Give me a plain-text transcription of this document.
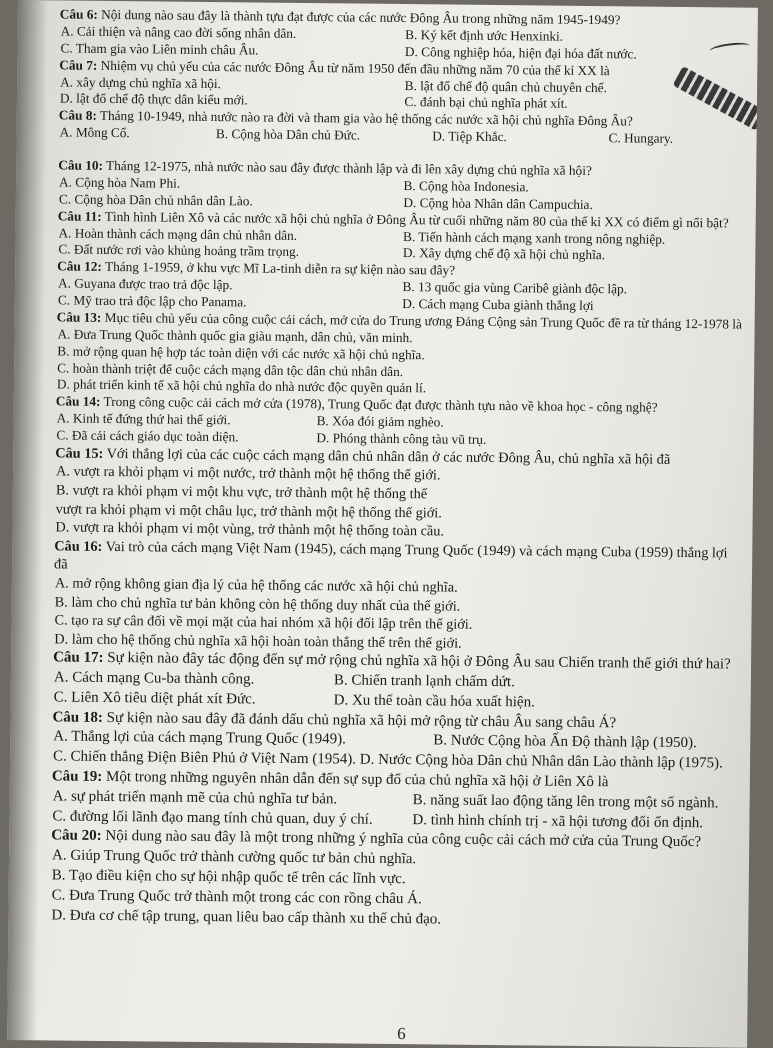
Câu 6: Nội dung nào sau đây là thành tựu đạt được của các nước Đông Âu trong những năm 1945-1949?

A. Cải thiện và nâng cao đời sống nhân dân.	B. Ký kết định ước Henxinki.
C. Tham gia vào Liên minh châu Âu.	D. Công nghiệp hóa, hiện đại hóa đất nước.

Câu 7: Nhiệm vụ chủ yếu của các nước Đông Âu từ năm 1950 đến đầu những năm 70 của thế kỉ XX là

A. xây dựng chủ nghĩa xã hội.	B. lật đổ chế độ quân chủ chuyên chế.
D. lật đổ chế độ thực dân kiểu mới.	C. đánh bại chủ nghĩa phát xít.

Câu 8: Tháng 10-1949, nhà nước nào ra đời và tham gia vào hệ thống các nước xã hội chủ nghĩa Đông Âu?

A. Mông Cổ.	B. Cộng hòa Dân chủ Đức.	D. Tiệp Khắc.	C. Hungary.

Câu 10: Tháng 12-1975, nhà nước nào sau đây được thành lập và đi lên xây dựng chủ nghĩa xã hội?

A. Cộng hòa Nam Phi.	B. Cộng hòa Indonesia.
C. Cộng hòa Dân chủ nhân dân Lào.	D. Cộng hòa Nhân dân Campuchia.

Câu 11: Tình hình Liên Xô và các nước xã hội chủ nghĩa ở Đông Âu từ cuối những năm 80 của thế kỉ XX có điểm gì nổi bật?

A. Hoàn thành cách mạng dân chủ nhân dân.	B. Tiến hành cách mạng xanh trong nông nghiệp.
C. Đất nước rơi vào khủng hoảng trầm trọng.	D. Xây dựng chế độ xã hội chủ nghĩa.

Câu 12: Tháng 1-1959, ở khu vực Mĩ La-tinh diễn ra sự kiện nào sau đây?

A. Guyana được trao trả độc lập.	B. 13 quốc gia vùng Caribê giành độc lập.
C. Mỹ trao trả độc lập cho Panama.	D. Cách mạng Cuba giành thắng lợi

Câu 13: Mục tiêu chủ yếu của công cuộc cải cách, mở cửa do Trung ương Đảng Cộng sản Trung Quốc đề ra từ tháng 12-1978 là

A. Đưa Trung Quốc thành quốc gia giàu mạnh, dân chủ, văn minh.

B. mở rộng quan hệ hợp tác toàn diện với các nước xã hội chủ nghĩa.

C. hoàn thành triệt để cuộc cách mạng dân tộc dân chủ nhân dân.

D. phát triển kinh tế xã hội chủ nghĩa do nhà nước độc quyền quản lí.

Câu 14: Trong công cuộc cải cách mở cửa (1978), Trung Quốc đạt được thành tựu nào về khoa học - công nghệ?

A. Kinh tế đứng thứ hai thế giới.	B. Xóa đói giảm nghèo.
C. Đã cải cách giáo dục toàn diện.	D. Phóng thành công tàu vũ trụ.

Câu 15: Với thắng lợi của các cuộc cách mạng dân chủ nhân dân ở các nước Đông Âu, chủ nghĩa xã hội đã

A. vượt ra khỏi phạm vi một nước, trở thành một hệ thống thế giới.

B. vượt ra khỏi phạm vi một khu vực, trở thành một hệ thống thế

vượt ra khỏi phạm vi một châu lục, trở thành một hệ thống thế giới.

D. vượt ra khỏi phạm vi một vùng, trở thành một hệ thống toàn cầu.

Câu 16: Vai trò của cách mạng Việt Nam (1945), cách mạng Trung Quốc (1949) và cách mạng Cuba (1959) thắng lợi đã

A. mở rộng không gian địa lý của hệ thống các nước xã hội chủ nghĩa.

B. làm cho chủ nghĩa tư bản không còn hệ thống duy nhất của thế giới.

C. tạo ra sự cân đối về mọi mặt của hai nhóm xã hội đối lập trên thế giới.

D. làm cho hệ thống chủ nghĩa xã hội hoàn toàn thắng thế trên thế giới.

Câu 17: Sự kiện nào đây tác động đến sự mở rộng chủ nghĩa xã hội ở Đông Âu sau Chiến tranh thế giới thứ hai?

A. Cách mạng Cu-ba thành công.	B. Chiến tranh lạnh chấm dứt.
C. Liên Xô tiêu diệt phát xít Đức.	D. Xu thế toàn cầu hóa xuất hiện.

Câu 18: Sự kiện nào sau đây đã đánh dấu chủ nghĩa xã hội mở rộng từ châu Âu sang châu Á?

A. Thắng lợi của cách mạng Trung Quốc (1949).	B. Nước Cộng hòa Ấn Độ thành lập (1950).

C. Chiến thắng Điện Biên Phủ ở Việt Nam (1954). D. Nước Cộng hòa Dân chủ Nhân dân Lào thành lập (1975).

Câu 19: Một trong những nguyên nhân dẫn đến sự sụp đổ của chủ nghĩa xã hội ở Liên Xô là

A. sự phát triển mạnh mẽ của chủ nghĩa tư bản.	B. năng suất lao động tăng lên trong một số ngành.
C. đường lối lãnh đạo mang tính chủ quan, duy ý chí.	D. tình hình chính trị - xã hội tương đối ổn định.

Câu 20: Nội dung nào sau đây là một trong những ý nghĩa của công cuộc cải cách mở cửa của Trung Quốc?

A. Giúp Trung Quốc trở thành cường quốc tư bản chủ nghĩa.

B. Tạo điều kiện cho sự hội nhập quốc tế trên các lĩnh vực.

C. Đưa Trung Quốc trở thành một trong các con rồng châu Á.

D. Đưa cơ chế tập trung, quan liêu bao cấp thành xu thế chủ đạo.

6
